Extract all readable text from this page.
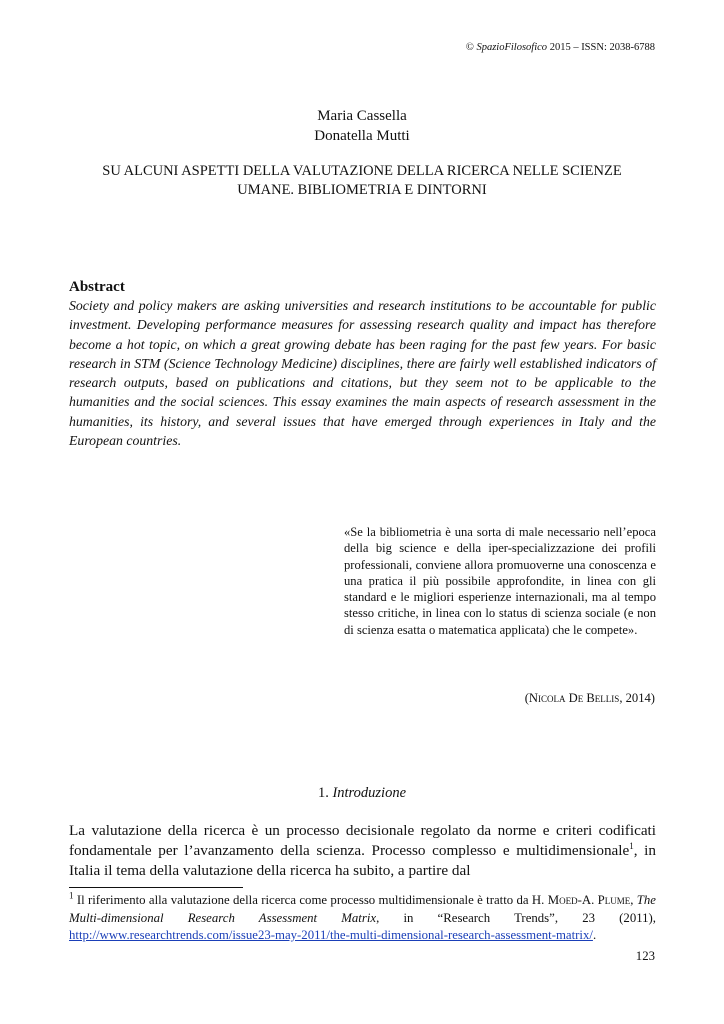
© SpazioFilosofico 2015 – ISSN: 2038-6788
Maria Cassella
Donatella Mutti
SU ALCUNI ASPETTI DELLA VALUTAZIONE DELLA RICERCA NELLE SCIENZE UMANE. BIBLIOMETRIA E DINTORNI
Abstract
Society and policy makers are asking universities and research institutions to be accountable for public investment. Developing performance measures for assessing research quality and impact has therefore become a hot topic, on which a great growing debate has been raging for the past few years. For basic research in STM (Science Technology Medicine) disciplines, there are fairly well established indicators of research outputs, based on publications and citations, but they seem not to be applicable to the humanities and the social sciences. This essay examines the main aspects of research assessment in the humanities, its history, and several issues that have emerged through experiences in Italy and the European countries.
«Se la bibliometria è una sorta di male necessario nell’epoca della big science e della iper-specializzazione dei profili professionali, conviene allora promuoverne una conoscenza e una pratica il più possibile approfondite, in linea con gli standard e le migliori esperienze internazionali, ma al tempo stesso critiche, in linea con lo status di scienza sociale (e non di scienza esatta o matematica applicata) che le compete».
(Nicola De Bellis, 2014)
1. Introduzione
La valutazione della ricerca è un processo decisionale regolato da norme e criteri codificati fondamentale per l’avanzamento della scienza. Processo complesso e multidimensionale$^1$, in Italia il tema della valutazione della ricerca ha subito, a partire dal
$^1$ Il riferimento alla valutazione della ricerca come processo multidimensionale è tratto da H. Moed-A. Plume, The Multi-dimensional Research Assessment Matrix, in “Research Trends”, 23 (2011), http://www.researchtrends.com/issue23-may-2011/the-multi-dimensional-research-assessment-matrix/.
123
